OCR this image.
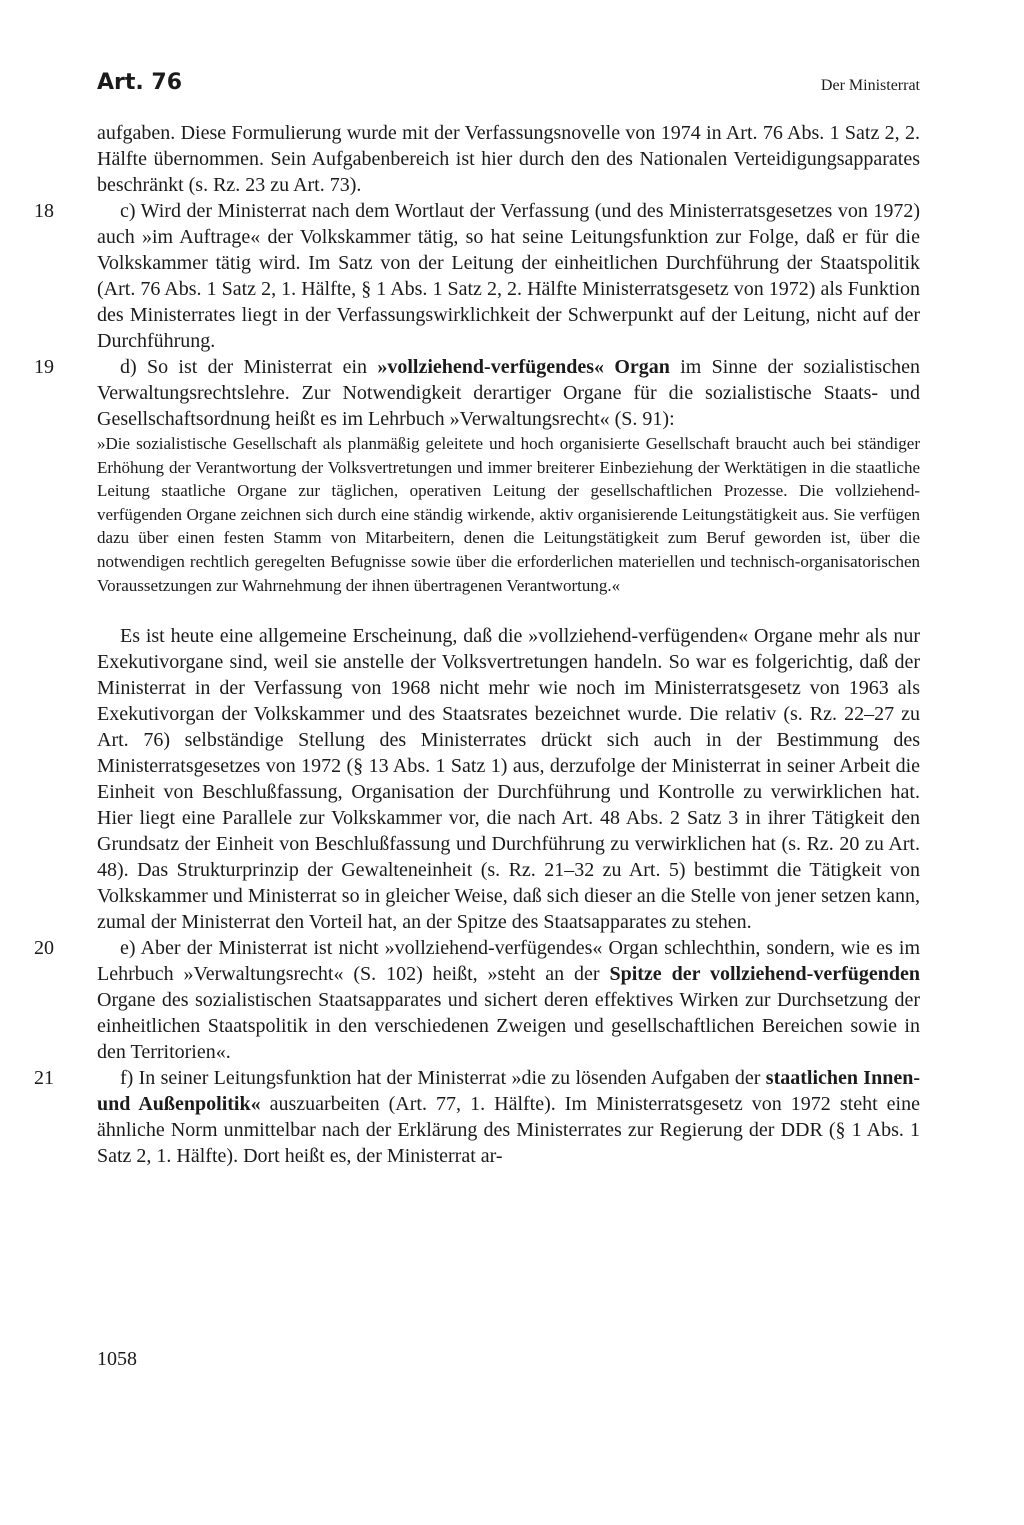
Art. 76	Der Ministerrat

aufgaben. Diese Formulierung wurde mit der Verfassungsnovelle von 1974 in Art. 76 Abs. 1 Satz 2, 2. Hälfte übernommen. Sein Aufgabenbereich ist hier durch den des Nationalen Verteidigungsapparates beschränkt (s. Rz. 23 zu Art. 73).

18	c) Wird der Ministerrat nach dem Wortlaut der Verfassung (und des Ministerratsgesetzes von 1972) auch »im Auftrage« der Volkskammer tätig, so hat seine Leitungsfunktion zur Folge, daß er für die Volkskammer tätig wird. Im Satz von der Leitung der einheitlichen Durchführung der Staatspolitik (Art. 76 Abs. 1 Satz 2, 1. Hälfte, § 1 Abs. 1 Satz 2, 2. Hälfte Ministerratsgesetz von 1972) als Funktion des Ministerrates liegt in der Verfassungswirklichkeit der Schwerpunkt auf der Leitung, nicht auf der Durchführung.

19	d) So ist der Ministerrat ein »vollziehend-verfügendes« Organ im Sinne der sozialistischen Verwaltungsrechtslehre. Zur Notwendigkeit derartiger Organe für die sozialistische Staats- und Gesellschaftsordnung heißt es im Lehrbuch »Verwaltungsrecht« (S. 91):

»Die sozialistische Gesellschaft als planmäßig geleitete und hoch organisierte Gesellschaft braucht auch bei ständiger Erhöhung der Verantwortung der Volksvertretungen und immer breiterer Einbeziehung der Werktätigen in die staatliche Leitung staatliche Organe zur täglichen, operativen Leitung der gesellschaftlichen Prozesse. Die vollziehend-verfügenden Organe zeichnen sich durch eine ständig wirkende, aktiv organisierende Leitungstätigkeit aus. Sie verfügen dazu über einen festen Stamm von Mitarbeitern, denen die Leitungstätigkeit zum Beruf geworden ist, über die notwendigen rechtlich geregelten Befugnisse sowie über die erforderlichen materiellen und technisch-organisatorischen Voraussetzungen zur Wahrnehmung der ihnen übertragenen Verantwortung.«

Es ist heute eine allgemeine Erscheinung, daß die »vollziehend-verfügenden« Organe mehr als nur Exekutivorgane sind, weil sie anstelle der Volksvertretungen handeln. So war es folgerichtig, daß der Ministerrat in der Verfassung von 1968 nicht mehr wie noch im Ministerratsgesetz von 1963 als Exekutivorgan der Volkskammer und des Staatsrates bezeichnet wurde. Die relativ (s. Rz. 22–27 zu Art. 76) selbständige Stellung des Ministerrates drückt sich auch in der Bestimmung des Ministerratsgesetzes von 1972 (§ 13 Abs. 1 Satz 1) aus, derzufolge der Ministerrat in seiner Arbeit die Einheit von Beschlußfassung, Organisation der Durchführung und Kontrolle zu verwirklichen hat. Hier liegt eine Parallele zur Volkskammer vor, die nach Art. 48 Abs. 2 Satz 3 in ihrer Tätigkeit den Grundsatz der Einheit von Beschlußfassung und Durchführung zu verwirklichen hat (s. Rz. 20 zu Art. 48). Das Strukturprinzip der Gewalteneinheit (s. Rz. 21–32 zu Art. 5) bestimmt die Tätigkeit von Volkskammer und Ministerrat so in gleicher Weise, daß sich dieser an die Stelle von jener setzen kann, zumal der Ministerrat den Vorteil hat, an der Spitze des Staatsapparates zu stehen.

20	e) Aber der Ministerrat ist nicht »vollziehend-verfügendes« Organ schlechthin, sondern, wie es im Lehrbuch »Verwaltungsrecht« (S. 102) heißt, »steht an der Spitze der vollziehend-verfügenden Organe des sozialistischen Staatsapparates und sichert deren effektives Wirken zur Durchsetzung der einheitlichen Staatspolitik in den verschiedenen Zweigen und gesellschaftlichen Bereichen sowie in den Territorien«.

21	f) In seiner Leitungsfunktion hat der Ministerrat »die zu lösenden Aufgaben der staatlichen Innen- und Außenpolitik« auszuarbeiten (Art. 77, 1. Hälfte). Im Ministerratsgesetz von 1972 steht eine ähnliche Norm unmittelbar nach der Erklärung des Ministerrates zur Regierung der DDR (§ 1 Abs. 1 Satz 2, 1. Hälfte). Dort heißt es, der Ministerrat ar-

1058
